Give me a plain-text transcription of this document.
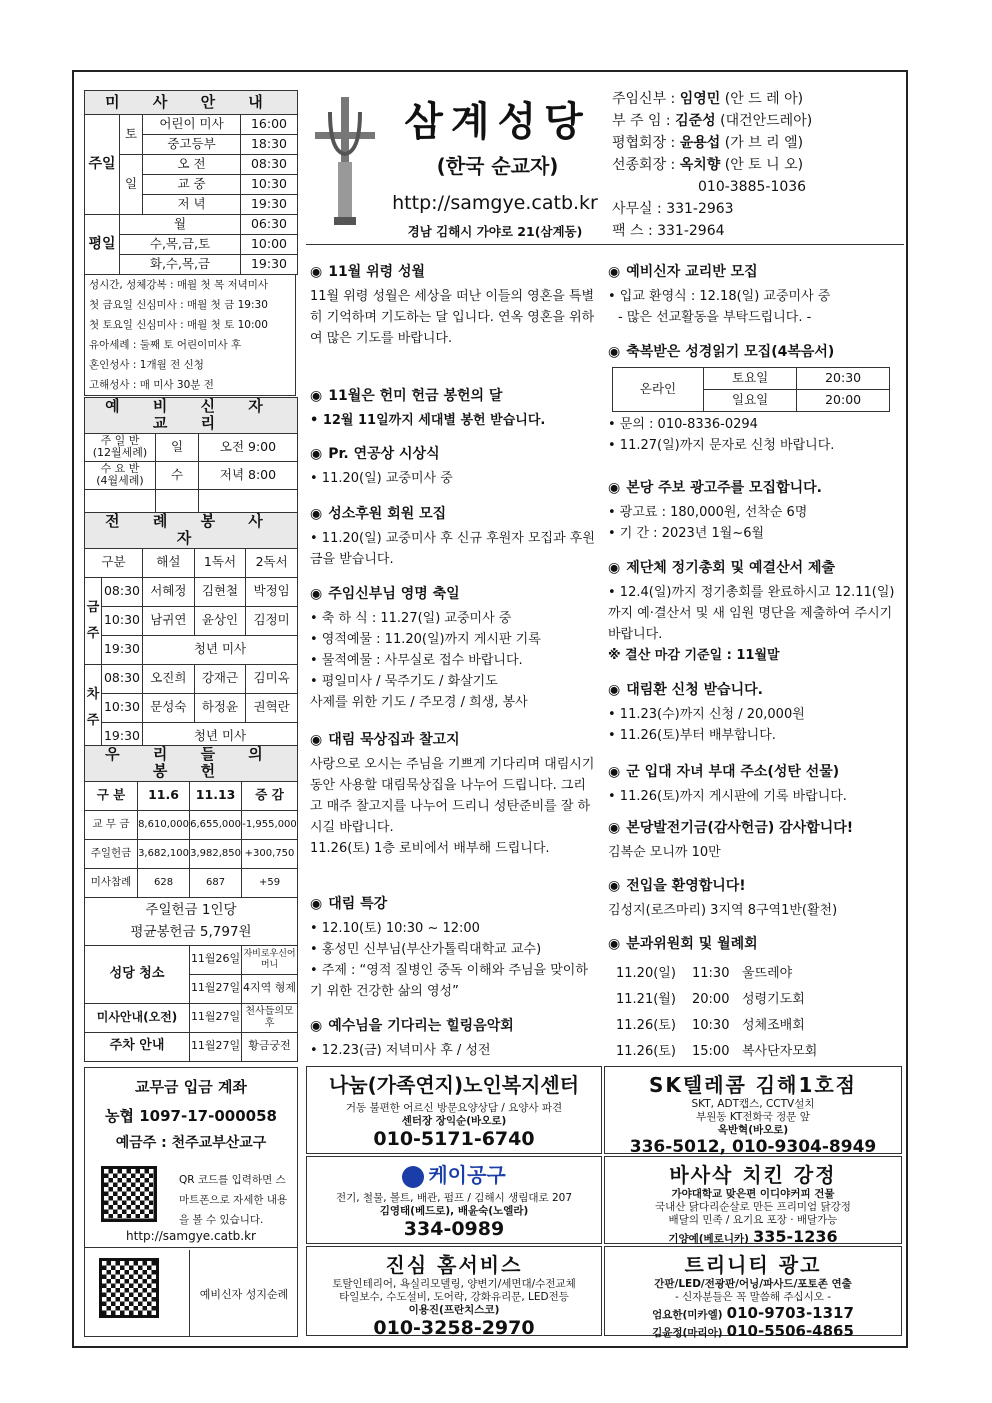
삼계성당
(한국 순교자)
http://samgye.catb.kr
경남 김해시 가야로 21(삼계동)
주임신부 : 임영민 (안 드 레 아)
부 주 임 : 김준성 (대건안드레아)
평협회장 : 윤용섭 (가 브 리 엘)
선종회장 : 옥치향 (안 토 니 오)
010-3885-1036
사무실 : 331-2963
팩 스 : 331-2964
미 사 안 내			
주일	토	어린이 미사	16:00
		중고등부	18:30
	일	오 전	08:30
		교 중	10:30
		저 녁	19:30
평일	월		06:30
	수,목,금,토		10:00
	화,수,목,금		19:30
성시간, 성체강복 : 매월 첫 목 저녁미사
첫 금요일 신심미사 : 매월 첫 금 19:30
첫 토요일 신심미사 : 매월 첫 토 10:00
유아세례 : 둘째 토 어린이미사 후
혼인성사 : 1개월 전 신청
고해성사 : 매 미사 30분 전
예 비 신 자 교 리		
주 일 반
(12월세례)	일	오전 9:00
수 요 반
(4월세례)	수	저녁 8:00

전 례 봉 사 자				
구분		해설	1독서	2독서
금주	08:30	서혜정	김현철	박정임
	10:30	남귀연	윤상인	김정미
	19:30	청년 미사		
차주	08:30	오진희	강재근	김미옥
	10:30	문성숙	하정윤	권혁란
	19:30	청년 미사		
우 리 들 의 봉 헌			
구 분	11.6	11.13	증 감
교 무 금	8,610,000	6,655,000	-1,955,000
주일헌금	3,682,100	3,982,850	+300,750
미사참례	628	687	+59
주일헌금 1인당
평균봉헌금 5,797원			
성당 청소		11월26일	자비로우신어머니
		11월27일	4지역 형제
미사안내(오전)		11월27일	천사들의모후
주차 안내		11월27일	황금궁전
교무금 입금 계좌
농협 1097-17-000058
예금주 : 천주교부산교구
QR 코드를 입력하면 스마트폰으로 자세한 내용을 볼 수 있습니다.
http://samgye.catb.kr
예비신자 성지순례
◉ 11월 위령 성월

11월 위령 성월은 세상을 떠난 이들의 영혼을 특별히 기억하며 기도하는 달 입니다. 연옥 영혼을 위하여 많은 기도를 바랍니다.

◉ 11월은 헌미 헌금 봉헌의 달

• 12월 11일까지 세대별 봉헌 받습니다.

◉ Pr. 연공상 시상식

• 11.20(일) 교중미사 중

◉ 성소후원 회원 모집

• 11.20(일) 교중미사 후 신규 후원자 모집과 후원금을 받습니다.

◉ 주임신부님 영명 축일

• 축 하 식 : 11.27(일) 교중미사 중

• 영적예물 : 11.20(일)까지 게시판 기록

• 물적예물 : 사무실로 접수 바랍니다.

• 평일미사 / 묵주기도 / 화살기도

사제를 위한 기도 / 주모경 / 희생, 봉사

◉ 대림 묵상집과 찰고지

사랑으로 오시는 주님을 기쁘게 기다리며 대림시기 동안 사용할 대림묵상집을 나누어 드립니다. 그리고 매주 찰고지를 나누어 드리니 성탄준비를 잘 하시길 바랍니다.

11.26(토) 1층 로비에서 배부해 드립니다.

◉ 대림 특강

• 12.10(토) 10:30 ~ 12:00

• 홍성민 신부님(부산가톨릭대학교 교수)

• 주제 : “영적 질병인 중독 이해와 주님을 맞이하기 위한 건강한 삶의 영성”

◉ 예수님을 기다리는 힐링음악회

• 12.23(금) 저녁미사 후 / 성전

◉ 예비신자 교리반 모집

• 입교 환영식 : 12.18(일) 교중미사 중

- 많은 선교활동을 부탁드립니다. -

◉ 축복받은 성경읽기 모집(4복음서)
온라인	토요일	20:30
	일요일	20:00

• 문의 : 010-8336-0294

• 11.27(일)까지 문자로 신청 바랍니다.

◉ 본당 주보 광고주를 모집합니다.

• 광고료 : 180,000원, 선착순 6명

• 기 간 : 2023년 1월~6월

◉ 제단체 정기총회 및 예결산서 제출

• 12.4(일)까지 정기총회를 완료하시고 12.11(일)까지 예·결산서 및 새 임원 명단을 제출하여 주시기 바랍니다.

※ 결산 마감 기준일 : 11월말

◉ 대림환 신청 받습니다.

• 11.23(수)까지 신청 / 20,000원

• 11.26(토)부터 배부합니다.

◉ 군 입대 자녀 부대 주소(성탄 선물)

• 11.26(토)까지 게시판에 기록 바랍니다.

◉ 본당발전기금(감사헌금) 감사합니다!

김복순 모니까 10만

◉ 전입을 환영합니다!

김성지(로즈마리) 3지역 8구역1반(활천)

◉ 분과위원회 및 월례회
11.20(일) 11:30 울뜨레야
11.21(월) 20:00 성령기도회
11.26(토) 10:30 성체조배회
11.26(토) 15:00 복사단자모회
나눔(가족연지)노인복지센터
거동 불편한 어르신 방문요양상담 / 요양사 파견
센터장 장익순(바오로)
010-5171-6740
SK텔레콤 김해1호점
SKT, ADT캡스, CCTV설치
부원동 KT전화국 정문 앞
옥반혁(바오로)
336-5012, 010-9304-8949
케이공구
전기, 철물, 볼트, 배관, 펌프 / 김해시 생림대로 207
김영태(베드로), 배윤숙(노엘라)
334-0989
바사삭 치킨 강정
가야대학교 맞은편 이디야커피 건물
국내산 닭다리순살로 만든 프리미엄 닭강정
배달의 민족 / 요기요 포장 · 배달가능
기양예(베로니카) 335-1236
진심 홈서비스
토탈인테리어, 욕실리모델링, 양변기/세면대/수전교체
타일보수, 수도설비, 도어락, 강화유리문, LED전등
이용진(프란치스코)
010-3258-2970
트리니티 광고
간판/LED/전광판/어닝/파사드/포토존 연출
- 신자분들은 꼭 말씀해 주십시오 -
엄요한(미카엘) 010-9703-1317
김윤정(마리아) 010-5506-4865
